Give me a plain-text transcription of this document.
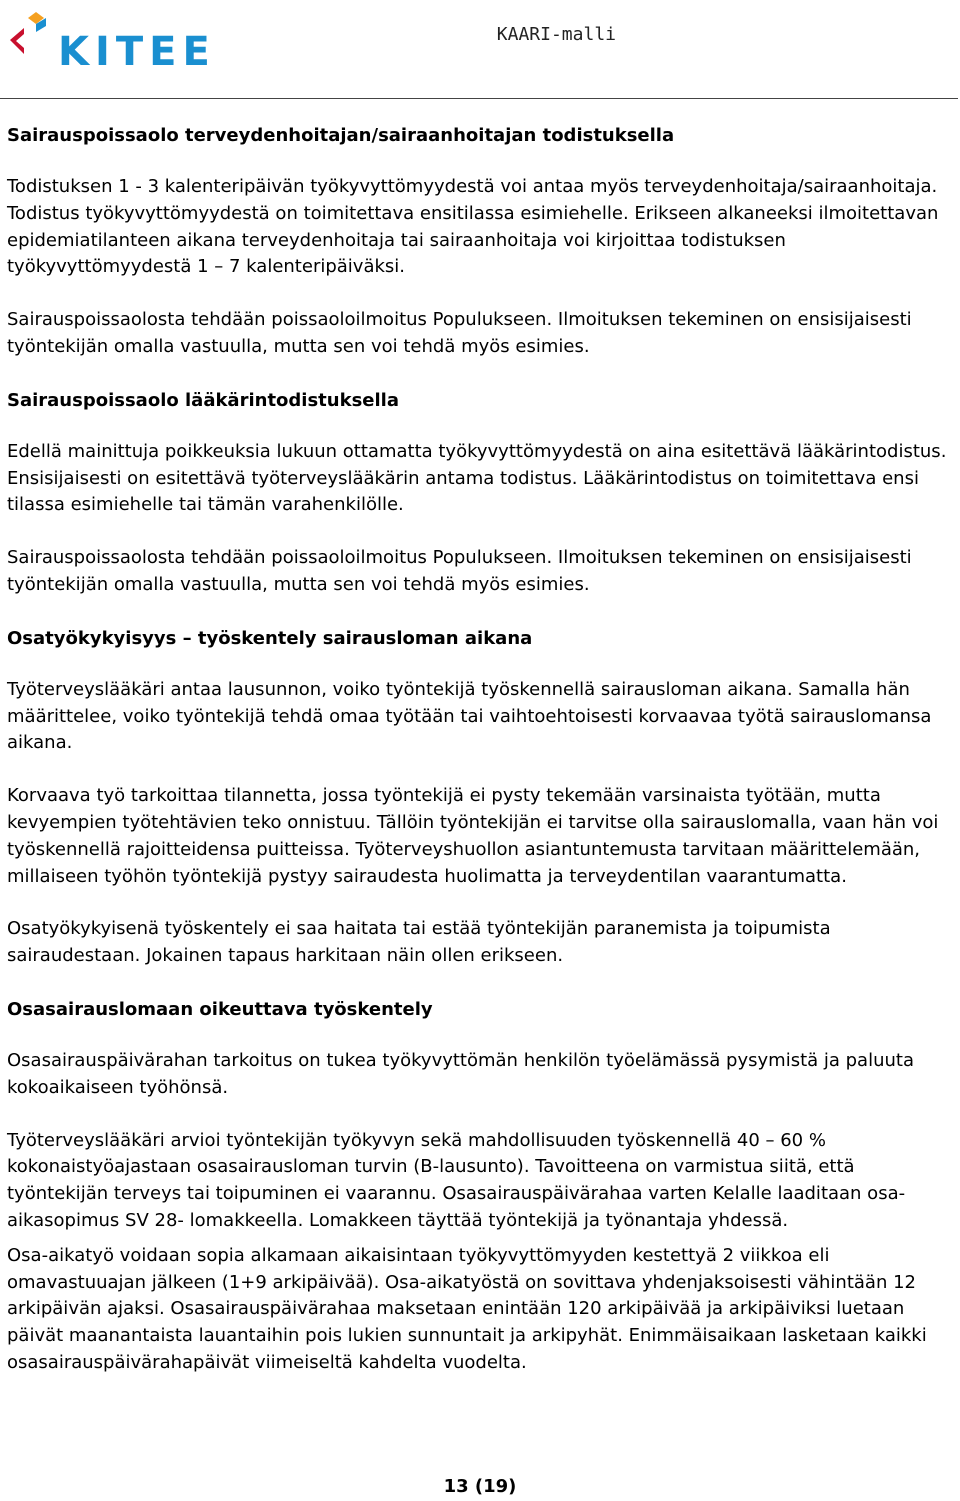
KITEE	KAARI-malli
Sairauspoissaolo terveydenhoitajan/sairaanhoitajan todistuksella

Todistuksen 1 - 3 kalenteripäivän työkyvyttömyydestä voi antaa myös terveydenhoitaja/sairaanhoitaja. Todistus työkyvyttömyydestä on toimitettava ensitilassa esimiehelle. Erikseen alkaneeksi ilmoitettavan epidemiatilanteen aikana terveydenhoitaja tai sairaanhoitaja voi kirjoittaa todistuksen työkyvyttömyydestä 1 – 7 kalenteripäiväksi.

Sairauspoissaolosta tehdään poissaoloilmoitus Populukseen. Ilmoituksen tekeminen on ensisijaisesti työntekijän omalla vastuulla, mutta sen voi tehdä myös esimies.

Sairauspoissaolo lääkärintodistuksella

Edellä mainittuja poikkeuksia lukuun ottamatta työkyvyttömyydestä on aina esitettävä lääkärintodistus. Ensisijaisesti on esitettävä työterveyslääkärin antama todistus. Lääkärintodistus on toimitettava ensi tilassa esimiehelle tai tämän varahenkilölle.

Sairauspoissaolosta tehdään poissaoloilmoitus Populukseen. Ilmoituksen tekeminen on ensisijaisesti työntekijän omalla vastuulla, mutta sen voi tehdä myös esimies.

Osatyökykyisyys – työskentely sairausloman aikana

Työterveyslääkäri antaa lausunnon, voiko työntekijä työskennellä sairausloman aikana. Samalla hän määrittelee, voiko työntekijä tehdä omaa työtään tai vaihtoehtoisesti korvaavaa työtä sairauslomansa aikana.

Korvaava työ tarkoittaa tilannetta, jossa työntekijä ei pysty tekemään varsinaista työtään, mutta kevyempien työtehtävien teko onnistuu. Tällöin työntekijän ei tarvitse olla sairauslomalla, vaan hän voi työskennellä rajoitteidensa puitteissa. Työterveyshuollon asiantuntemusta tarvitaan määrittelemään, millaiseen työhön työntekijä pystyy sairaudesta huolimatta ja terveydentilan vaarantumatta.

Osatyökykyisenä työskentely ei saa haitata tai estää työntekijän paranemista ja toipumista sairaudestaan. Jokainen tapaus harkitaan näin ollen erikseen.

Osasairauslomaan oikeuttava työskentely

Osasairauspäivärahan tarkoitus on tukea työkyvyttömän henkilön työelämässä pysymistä ja paluuta kokoaikaiseen työhönsä.

Työterveyslääkäri arvioi työntekijän työkyvyn sekä mahdollisuuden työskennellä 40 – 60 % kokonaistyöajastaan osasairausloman turvin (B-lausunto). Tavoitteena on varmistua siitä, että työntekijän terveys tai toipuminen ei vaarannu. Osasairauspäivärahaa varten Kelalle laaditaan osa-aikasopimus SV 28- lomakkeella. Lomakkeen täyttää työntekijä ja työnantaja yhdessä.

Osa-aikatyö voidaan sopia alkamaan aikaisintaan työkyvyttömyyden kestettyä 2 viikkoa eli omavastuuajan jälkeen (1+9 arkipäivää). Osa-aikatyöstä on sovittava yhdenjaksoisesti vähintään 12 arkipäivän ajaksi. Osasairauspäivärahaa maksetaan enintään 120 arkipäivää ja arkipäiviksi luetaan päivät maanantaista lauantaihin pois lukien sunnuntait ja arkipyhät. Enimmäisaikaan lasketaan kaikki osasairauspäivärahapäivät viimeiseltä kahdelta vuodelta.

13 (19)
